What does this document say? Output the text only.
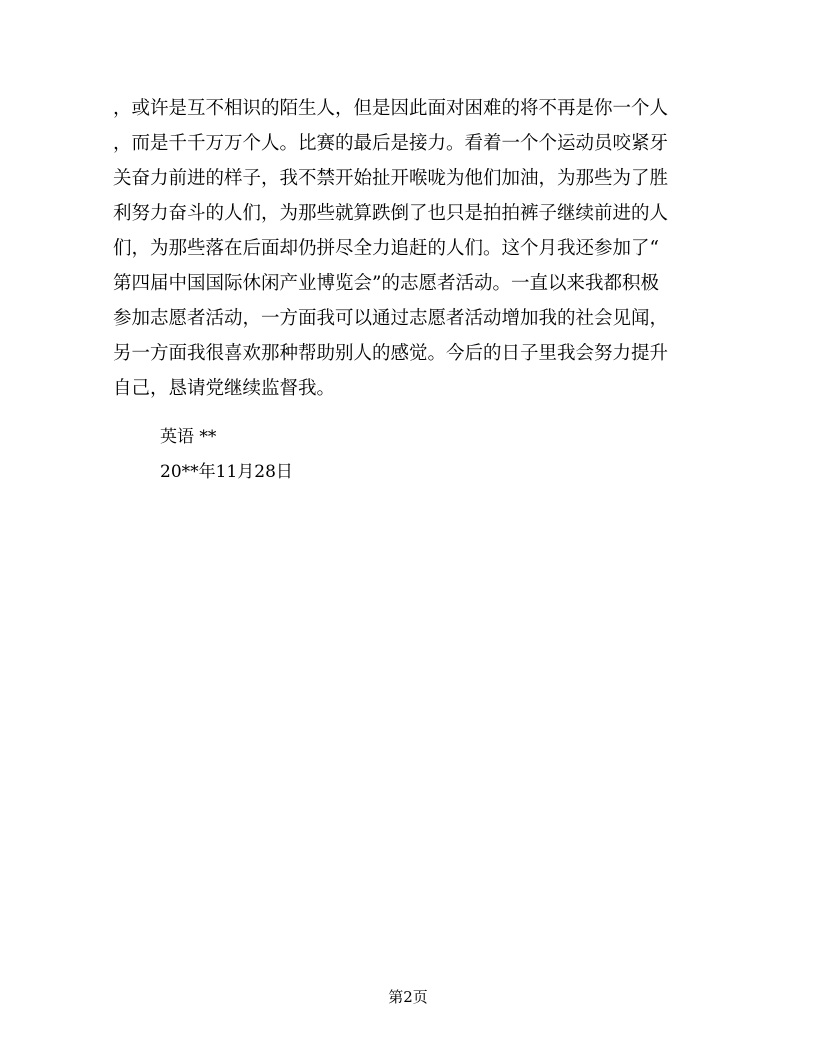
，或许是互不相识的陌生人，但是因此面对困难的将不再是你一个人
，而是千千万万个人。比赛的最后是接力。看着一个个运动员咬紧牙
关奋力前进的样子，我不禁开始扯开喉咙为他们加油，为那些为了胜
利努力奋斗的人们，为那些就算跌倒了也只是拍拍裤子继续前进的人
们，为那些落在后面却仍拼尽全力追赶的人们。这个月我还参加了“
第四届中国国际休闲产业博览会”的志愿者活动。一直以来我都积极
参加志愿者活动，一方面我可以通过志愿者活动增加我的社会见闻，
另一方面我很喜欢那种帮助别人的感觉。今后的日子里我会努力提升
自己，恳请党继续监督我。
英语 **
20**年11月28日
第2页
